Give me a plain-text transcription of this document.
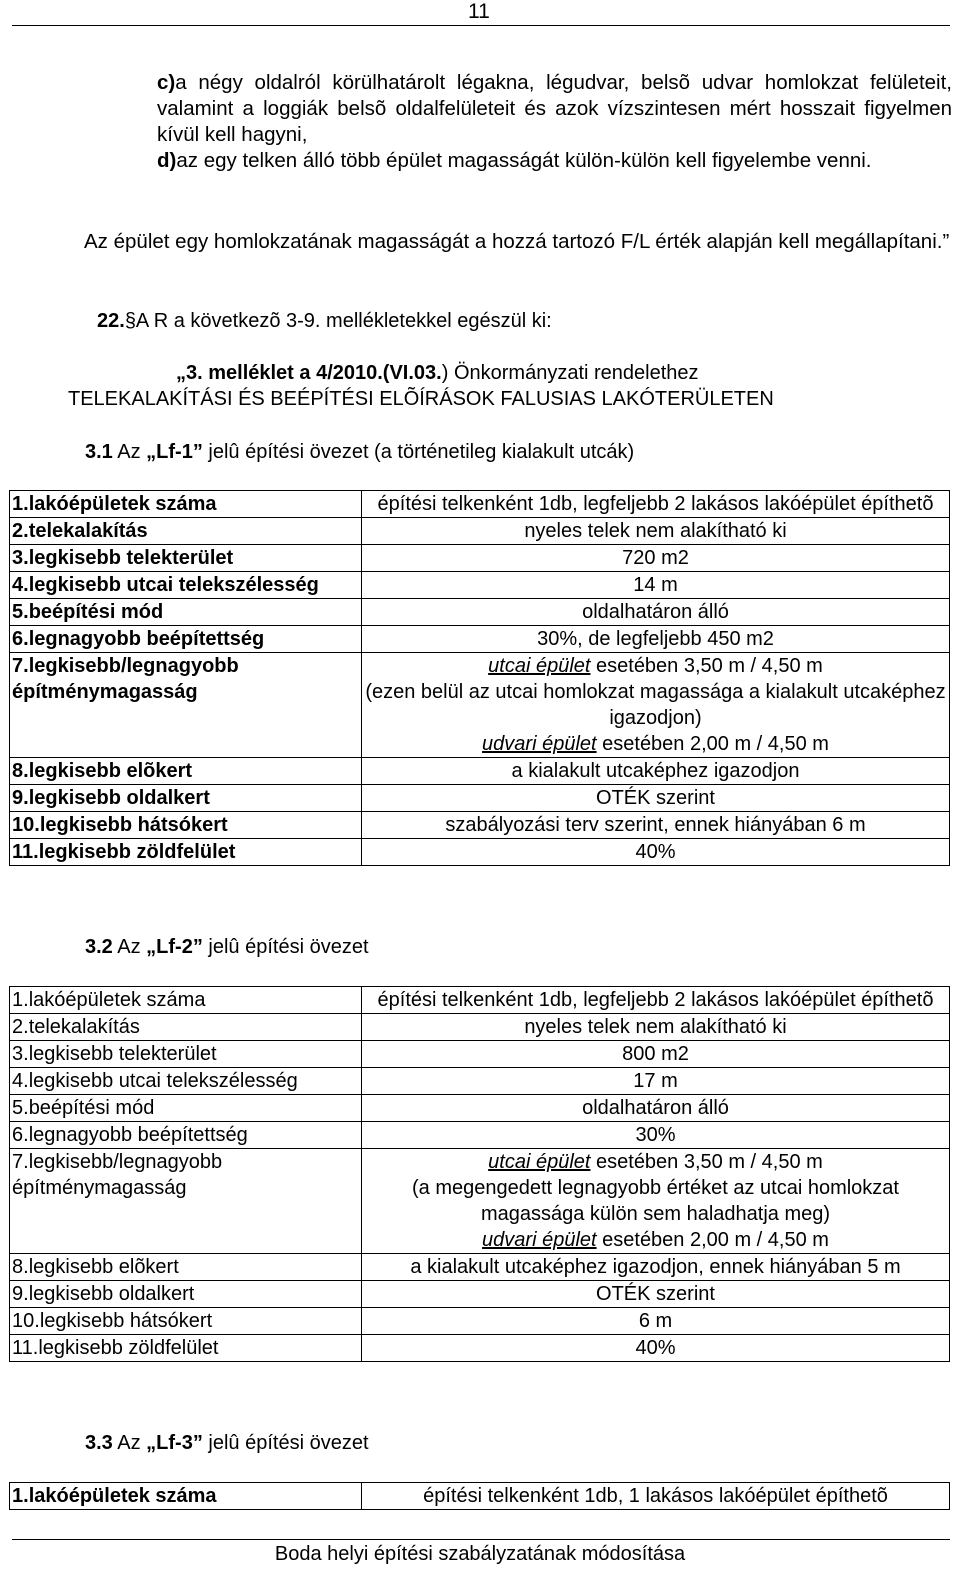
11
c)a négy oldalról körülhatárolt légakna, légudvar, belsõ udvar homlokzat felületeit, valamint a loggiák belsõ oldalfelületeit és azok vízszintesen mért hosszait figyelmen kívül kell hagyni,
d)az egy telken álló több épület magasságát külön-külön kell figyelembe venni.
Az épület egy homlokzatának magasságát a hozzá tartozó F/L érték alapján kell megállapítani.”
22.§A R a következõ 3-9. mellékletekkel egészül ki:
„3. melléklet a 4/2010.(VI.03.) Önkormányzati rendelethez
TELEKALAKÍTÁSI ÉS BEÉPÍTÉSI ELÕÍRÁSOK FALUSIAS LAKÓTERÜLETEN
3.1 Az „Lf-1” jelû építési övezet (a történetileg kialakult utcák)
1.lakóépületek száma	építési telkenként 1db, legfeljebb 2 lakásos lakóépület építhetõ
2.telekalakítás	nyeles telek nem alakítható ki
3.legkisebb telekterület	720 m2
4.legkisebb utcai telekszélesség	14 m
5.beépítési mód	oldalhatáron álló
6.legnagyobb beépítettség	30%, de legfeljebb 450 m2
7.legkisebb/legnagyobb építménymagasság	utcai épület esetében 3,50 m / 4,50 m
(ezen belül az utcai homlokzat magassága a kialakult utcaképhez igazodjon)
udvari épület esetében 2,00 m / 4,50 m

8.legkisebb elõkert	a kialakult utcaképhez igazodjon
9.legkisebb oldalkert	OTÉK szerint
10.legkisebb hátsókert	szabályozási terv szerint, ennek hiányában 6 m
11.legkisebb zöldfelület	40%
3.2 Az „Lf-2” jelû építési övezet
1.lakóépületek száma	építési telkenként 1db, legfeljebb 2 lakásos lakóépület építhetõ
2.telekalakítás	nyeles telek nem alakítható ki
3.legkisebb telekterület	800 m2
4.legkisebb utcai telekszélesség	17 m
5.beépítési mód	oldalhatáron álló
6.legnagyobb beépítettség	30%
7.legkisebb/legnagyobb építménymagasság	utcai épület esetében 3,50 m / 4,50 m
(a megengedett legnagyobb értéket az utcai homlokzat magassága külön sem haladhatja meg)
udvari épület esetében 2,00 m / 4,50 m

8.legkisebb elõkert	a kialakult utcaképhez igazodjon, ennek hiányában 5 m
9.legkisebb oldalkert	OTÉK szerint
10.legkisebb hátsókert	6 m
11.legkisebb zöldfelület	40%
3.3 Az „Lf-3” jelû építési övezet
1.lakóépületek száma	építési telkenként 1db, 1 lakásos lakóépület építhetõ
Boda helyi építési szabályzatának módosítása
